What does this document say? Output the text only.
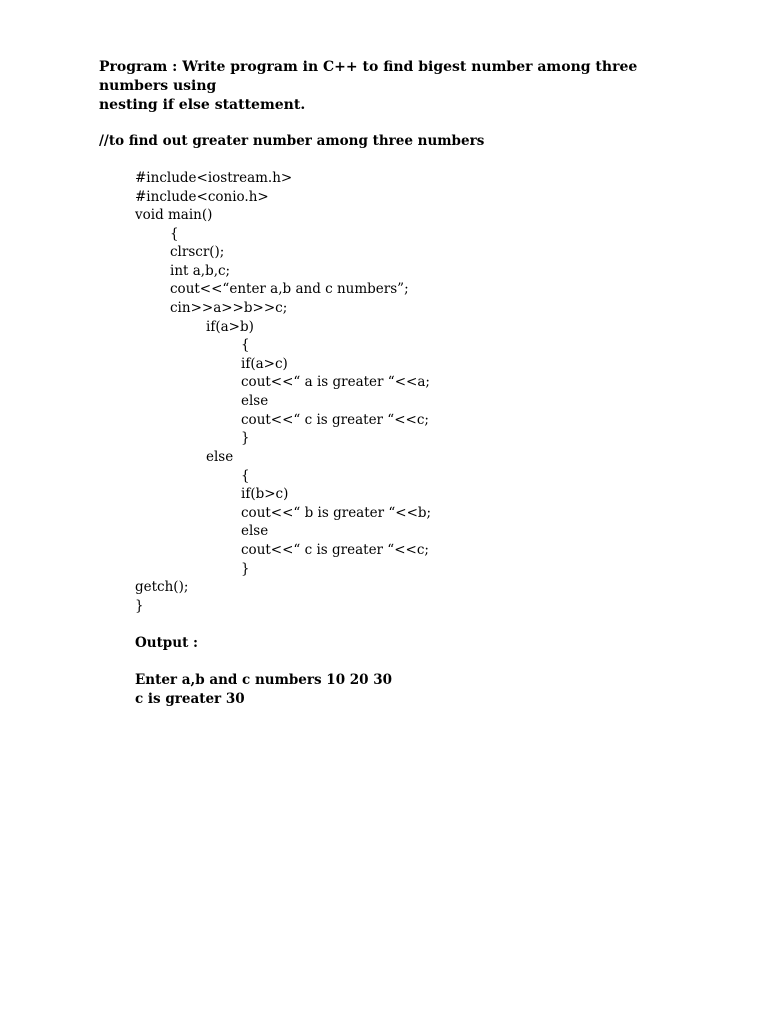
Program : Write program in C++ to find bigest number among three numbers using
nesting if else stattement.
//to find out greater number among three numbers
#include<iostream.h>
#include<conio.h>
void main()
{
clrscr();
int a,b,c;
cout<<“enter a,b and c numbers”;
cin>>a>>b>>c;
if(a>b)
{
if(a>c)
cout<<“ a is greater “<<a;
else
cout<<“ c is greater “<<c;
}
else
{
if(b>c)
cout<<“ b is greater “<<b;
else
cout<<“ c is greater “<<c;
}
getch();
}
Output :
Enter a,b and c numbers 10 20 30
c is greater 30
